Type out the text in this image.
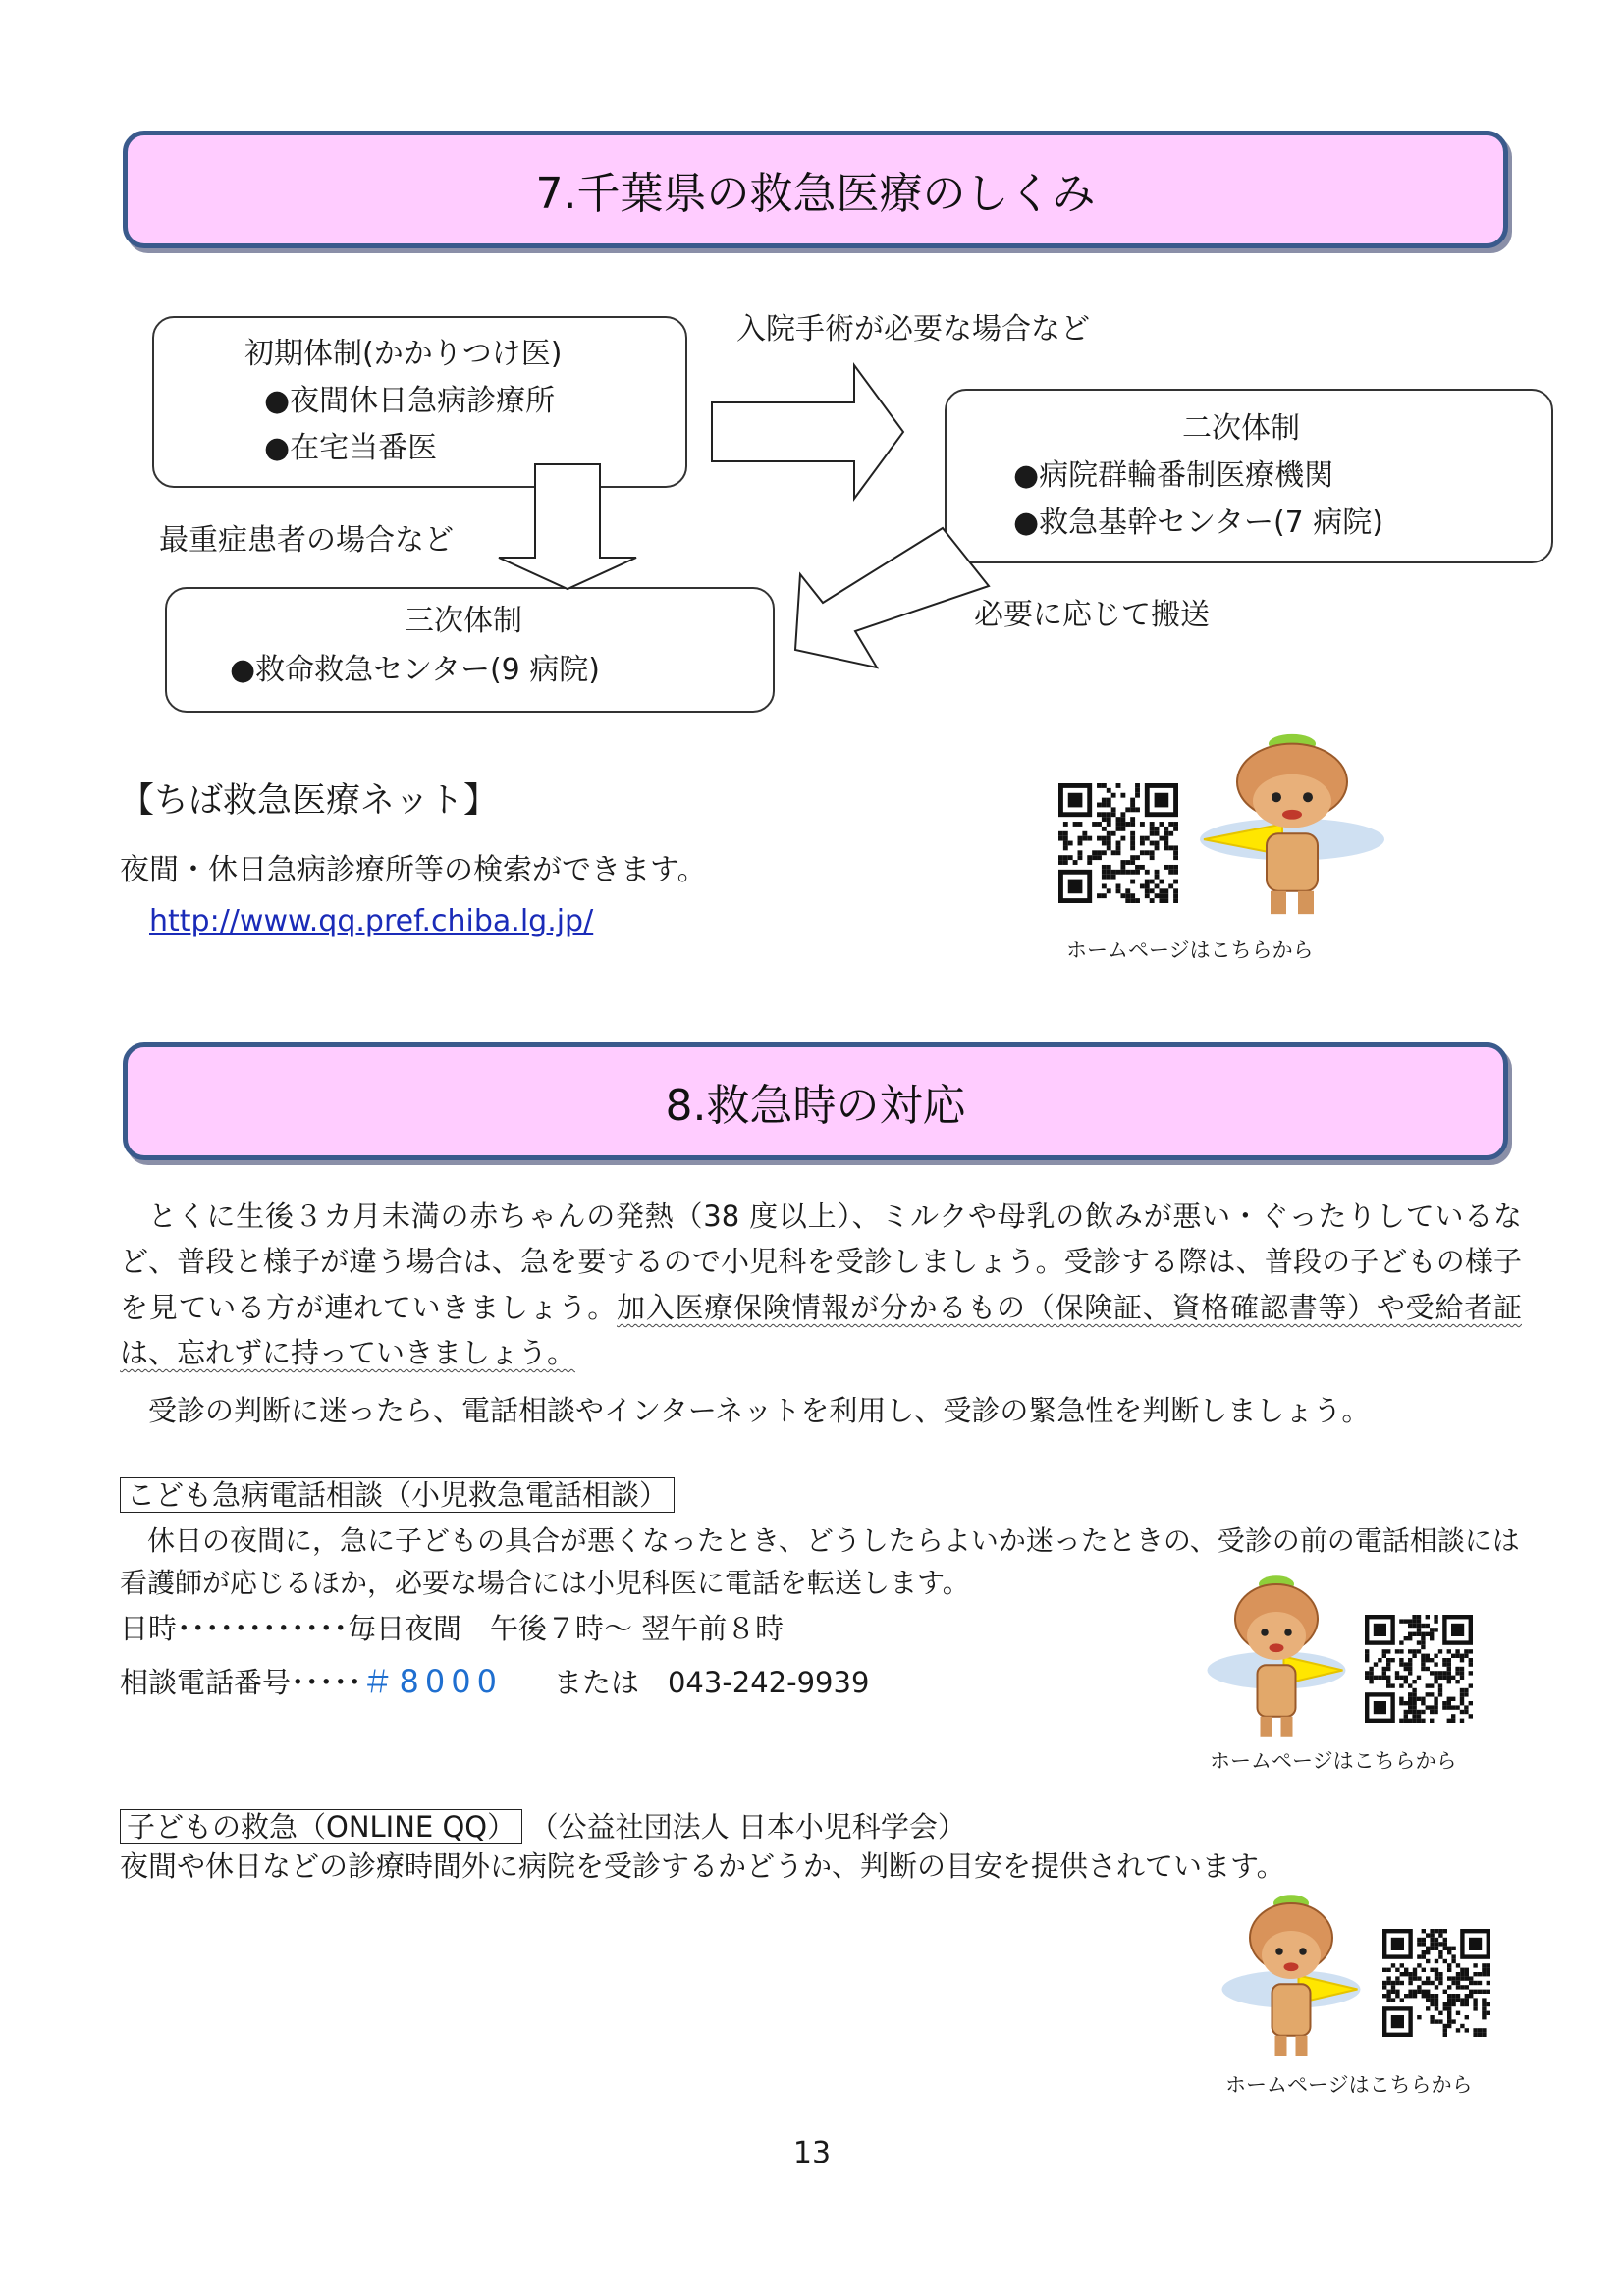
7.千葉県の救急医療のしくみ
初期体制(かかりつけ医)
●夜間休日急病診療所
●在宅当番医
二次体制
●病院群輪番制医療機関
●救急基幹センター(7 病院)
三次体制
●救命救急センター(9 病院)
入院手術が必要な場合など
最重症患者の場合など
必要に応じて搬送
【ちば救急医療ネット】
夜間・休日急病診療所等の検索ができます。
http://www.qq.pref.chiba.lg.jp/
ホームページはこちらから
8.救急時の対応
とくに生後３カ月未満の赤ちゃんの発熱（38 度以上）、ミルクや母乳の飲みが悪い・ぐったりしているなど、普段と様子が違う場合は、急を要するので小児科を受診しましょう。受診する際は、普段の子どもの様子を見ている方が連れていきましょう。加入医療保険情報が分かるもの（保険証、資格確認書等）や受給者証は、忘れずに持っていきましょう。
受診の判断に迷ったら、電話相談やインターネットを利用し、受診の緊急性を判断しましょう。
こども急病電話相談（小児救急電話相談）
休日の夜間に，急に子どもの具合が悪くなったとき、どうしたらよいか迷ったときの、受診の前の電話相談には看護師が応じるほか，必要な場合には小児科医に電話を転送します。
日時････････････毎日夜間　午後７時～ 翌午前８時
相談電話番号･････＃8000 または　043-242-9939
ホームページはこちらから
子どもの救急（ONLINE QQ） （公益社団法人 日本小児科学会）
夜間や休日などの診療時間外に病院を受診するかどうか、判断の目安を提供されています。
ホームページはこちらから
13
